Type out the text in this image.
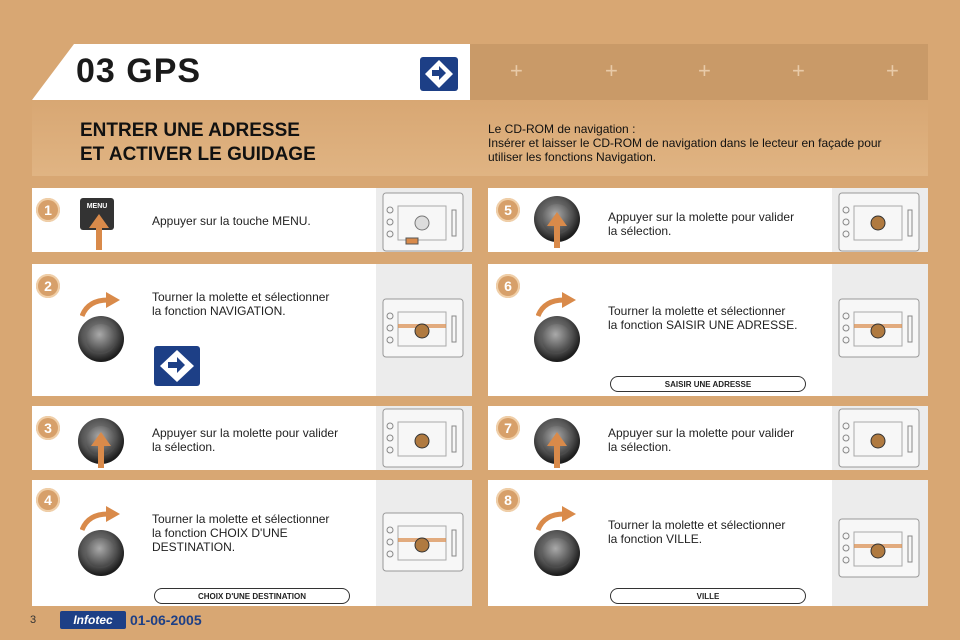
+	+	+	+	+
03 GPS
ENTRER UNE ADRESSE
ET ACTIVER LE GUIDAGE
Le CD-ROM de navigation :
Insérer et laisser le CD-ROM de navigation dans le lecteur en façade pour
utiliser les fonctions Navigation.
1
2
3
4
5
6
7
8
MENU
Appuyer sur la touche MENU.
Tourner la molette et sélectionner
la fonction NAVIGATION.
Appuyer sur la molette pour valider
la sélection.
Tourner la molette et sélectionner
la fonction CHOIX D'UNE
DESTINATION.
CHOIX D'UNE DESTINATION
Appuyer sur la molette pour valider
la sélection.
Tourner la molette et sélectionner
la fonction SAISIR UNE ADRESSE.
SAISIR UNE ADRESSE
Appuyer sur la molette pour valider
la sélection.
Tourner la molette et sélectionner
la fonction VILLE.
VILLE
3	Infotec	01-06-2005
